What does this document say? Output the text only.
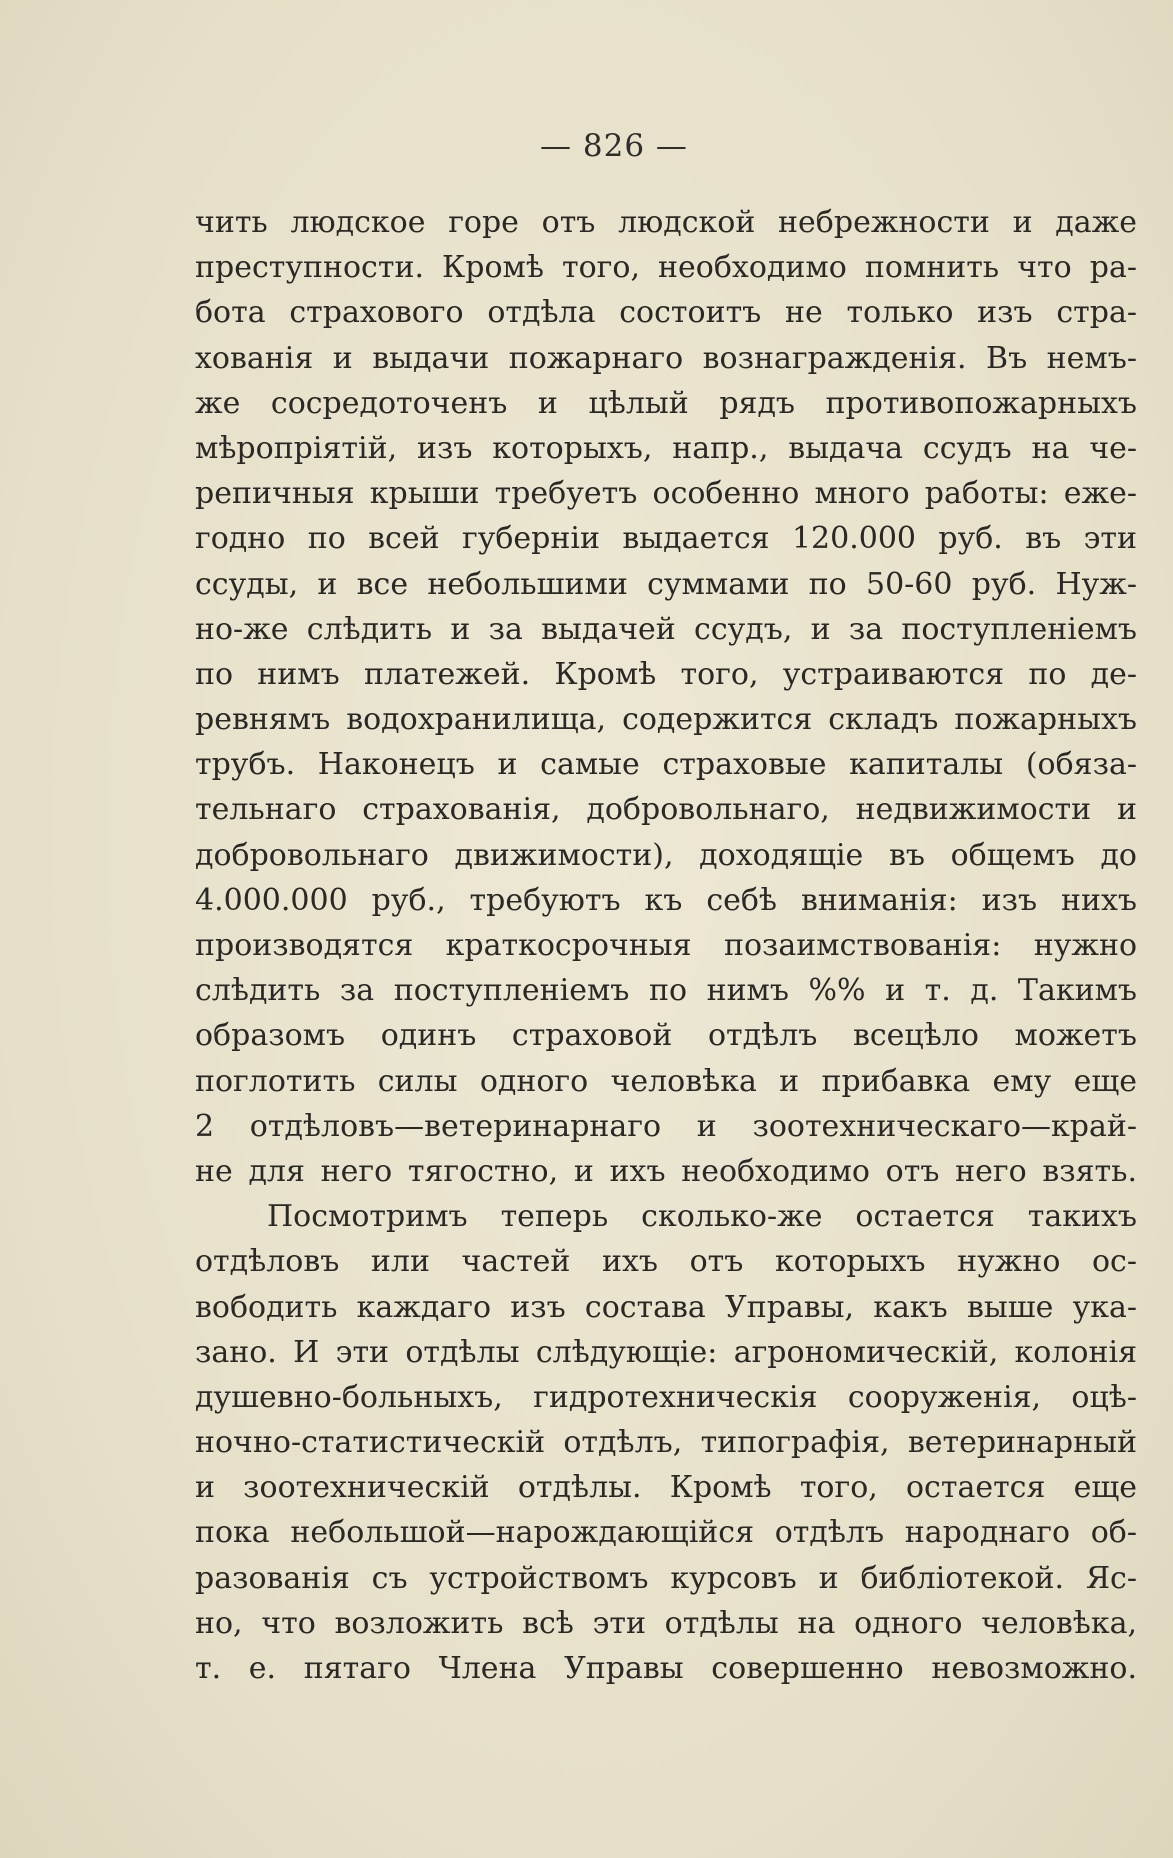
— 826 —
чить людское горе отъ людской небрежности и даже
преступности. Кромѣ того, необходимо помнить что ра-
бота страхового отдѣла состоитъ не только изъ стра-
хованія и выдачи пожарнаго вознагражденія. Въ немъ-
же сосредоточенъ и цѣлый рядъ противопожарныхъ
мѣропріятій, изъ которыхъ, напр., выдача ссудъ на че-
репичныя крыши требуетъ особенно много работы: еже-
годно по всей губерніи выдается 120.000 руб. въ эти
ссуды, и все небольшими суммами по 50-60 руб. Нуж-
но-же слѣдить и за выдачей ссудъ, и за поступленіемъ
по нимъ платежей. Кромѣ того, устраиваются по де-
ревнямъ водохранилища, содержится складъ пожарныхъ
трубъ. Наконецъ и самые страховые капиталы (обяза-
тельнаго страхованія, добровольнаго, недвижимости и
добровольнаго движимости), доходящіе въ общемъ до
4.000.000 руб., требуютъ къ себѣ вниманія: изъ нихъ
производятся краткосрочныя позаимствованія: нужно
слѣдить за поступленіемъ по нимъ %% и т. д. Такимъ
образомъ одинъ страховой отдѣлъ всецѣло можетъ
поглотить силы одного человѣка и прибавка ему еще
2 отдѣловъ—ветеринарнаго и зоотехническаго—край-
не для него тягостно, и ихъ необходимо отъ него взять.
Посмотримъ теперь сколько-же остается такихъ
отдѣловъ или частей ихъ отъ которыхъ нужно ос-
вободить каждаго изъ состава Управы, какъ выше ука-
зано. И эти отдѣлы слѣдующіе: агрономическій, колонія
душевно-больныхъ, гидротехническія сооруженія, оцѣ-
ночно-статистическій отдѣлъ, типографія, ветеринарный
и зоотехническій отдѣлы. Кромѣ того, остается еще
пока небольшой—нарождающійся отдѣлъ народнаго об-
разованія съ устройствомъ курсовъ и библіотекой. Яс-
но, что возложить всѣ эти отдѣлы на одного человѣка,
т. е. пятаго Члена Управы совершенно невозможно.
